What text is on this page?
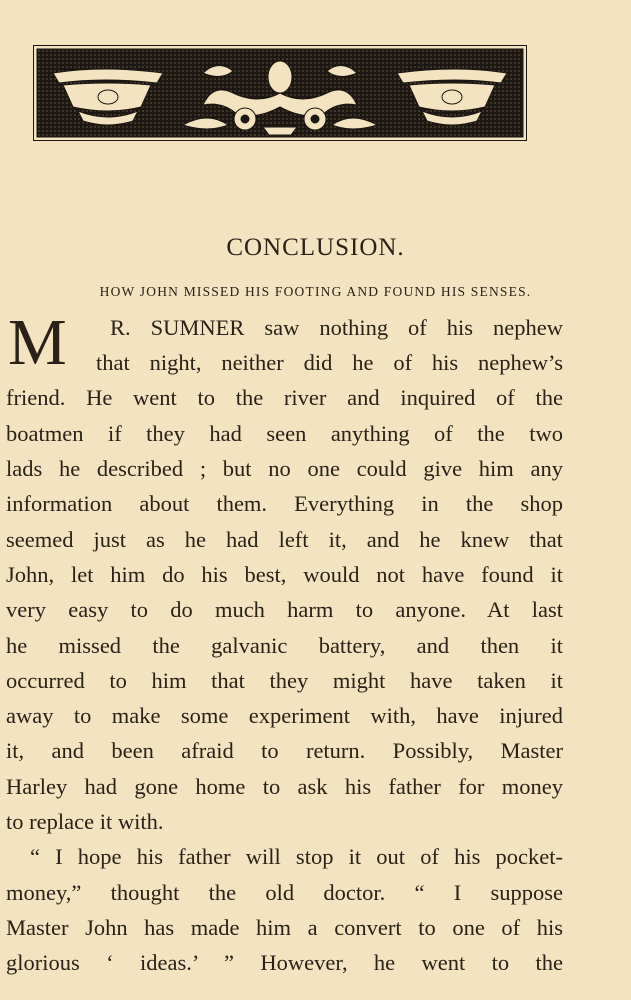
CONCLUSION.
HOW JOHN MISSED HIS FOOTING AND FOUND HIS SENSES.
M R. SUMNER saw nothing of his nephew
that night, neither did he of his nephew’s
friend. He went to the river and inquired of the
boatmen if they had seen anything of the two
lads he described ; but no one could give him any
information about them. Everything in the shop
seemed just as he had left it, and he knew that
John, let him do his best, would not have found it
very easy to do much harm to anyone. At last
he missed the galvanic battery, and then it
occurred to him that they might have taken it
away to make some experiment with, have injured
it, and been afraid to return. Possibly, Master
Harley had gone home to ask his father for money
to replace it with.
“ I hope his father will stop it out of his pocket-
money,” thought the old doctor. “ I suppose
Master John has made him a convert to one of his
glorious ‘ ideas.’ ” However, he went to the
